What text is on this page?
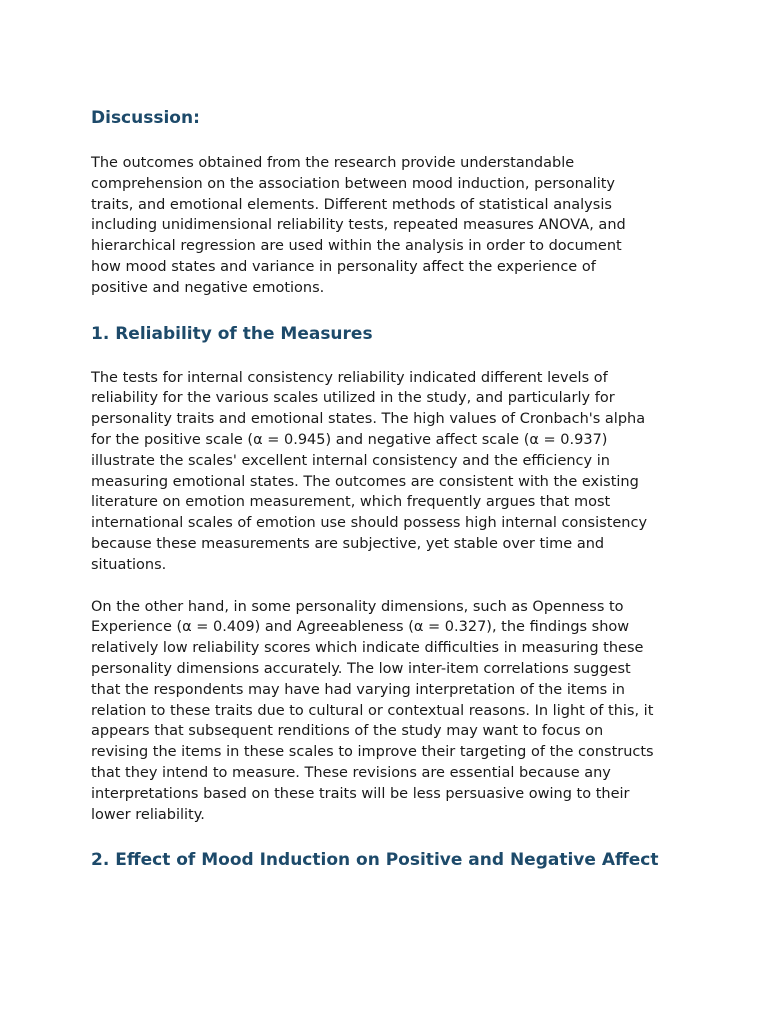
Discussion:

The outcomes obtained from the research provide understandable
comprehension on the association between mood induction, personality
traits, and emotional elements. Different methods of statistical analysis
including unidimensional reliability tests, repeated measures ANOVA, and
hierarchical regression are used within the analysis in order to document
how mood states and variance in personality affect the experience of
positive and negative emotions.

1. Reliability of the Measures

The tests for internal consistency reliability indicated different levels of
reliability for the various scales utilized in the study, and particularly for
personality traits and emotional states. The high values of Cronbach's alpha
for the positive scale (α = 0.945) and negative affect scale (α = 0.937)
illustrate the scales' excellent internal consistency and the efficiency in
measuring emotional states. The outcomes are consistent with the existing
literature on emotion measurement, which frequently argues that most
international scales of emotion use should possess high internal consistency
because these measurements are subjective, yet stable over time and
situations.

On the other hand, in some personality dimensions, such as Openness to
Experience (α = 0.409) and Agreeableness (α = 0.327), the findings show
relatively low reliability scores which indicate difficulties in measuring these
personality dimensions accurately. The low inter-item correlations suggest
that the respondents may have had varying interpretation of the items in
relation to these traits due to cultural or contextual reasons. In light of this, it
appears that subsequent renditions of the study may want to focus on
revising the items in these scales to improve their targeting of the constructs
that they intend to measure. These revisions are essential because any
interpretations based on these traits will be less persuasive owing to their
lower reliability.

2. Effect of Mood Induction on Positive and Negative Affect
